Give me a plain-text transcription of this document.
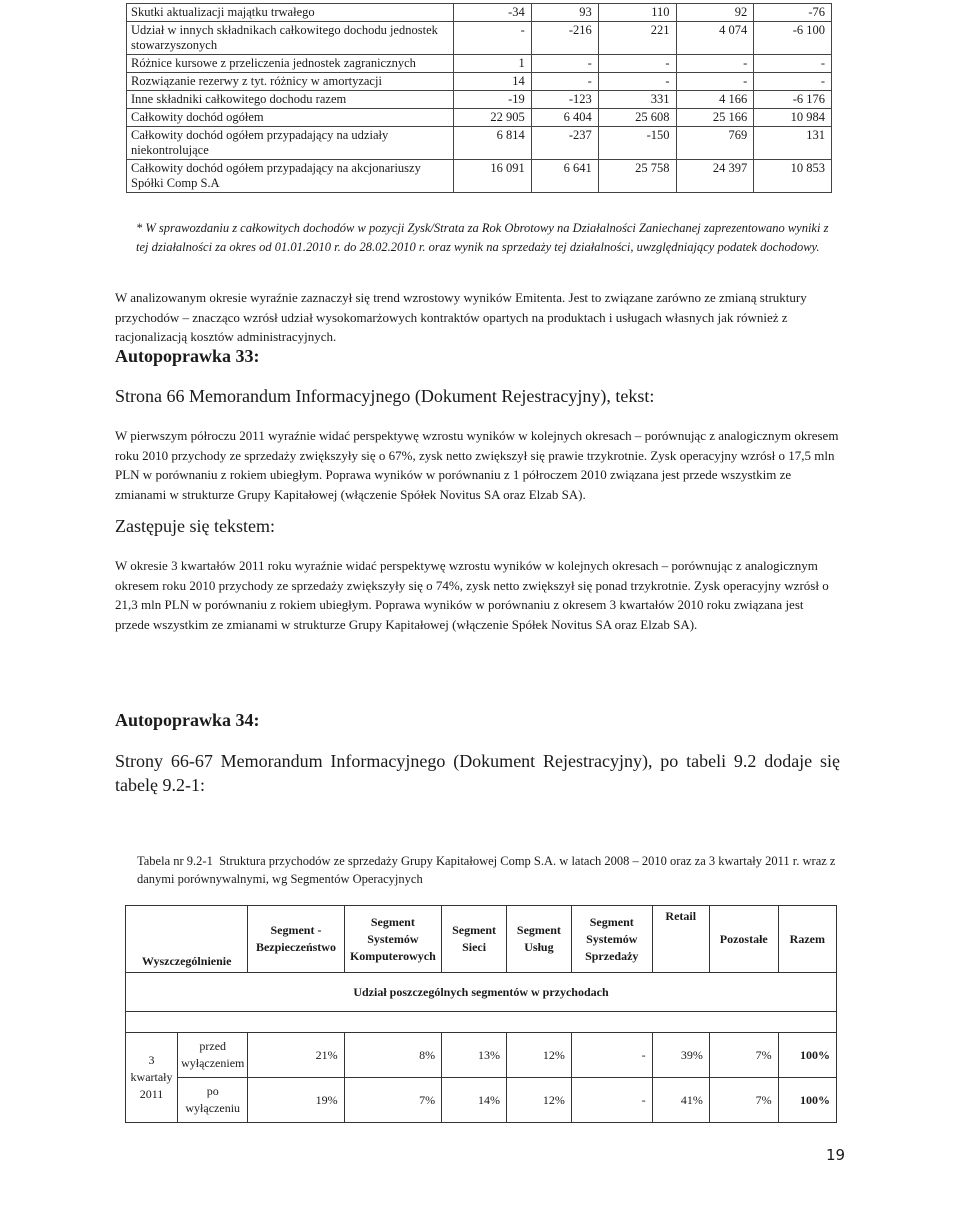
Skutki aktualizacji majątku trwałego	-34	93	110	92	-76
Udział w innych składnikach całkowitego dochodu jednostek stowarzyszonych	-	-216	221	4 074	-6 100
Różnice kursowe z przeliczenia jednostek zagranicznych	1	-	-	-	-
Rozwiązanie rezerwy z tyt. różnicy w amortyzacji	14	-	-	-	-
Inne składniki całkowitego dochodu razem	-19	-123	331	4 166	-6 176
Całkowity dochód ogółem	22 905	6 404	25 608	25 166	10 984
Całkowity dochód ogółem przypadający na udziały niekontrolujące	6 814	-237	-150	769	131
Całkowity dochód ogółem przypadający na akcjonariuszy Spółki Comp S.A	16 091	6 641	25 758	24 397	10 853
* W sprawozdaniu z całkowitych dochodów w pozycji Zysk/Strata za Rok Obrotowy na Działalności Zaniechanej zaprezentowano wyniki z tej działalności za okres od 01.01.2010 r. do 28.02.2010 r. oraz wynik na sprzedaży tej działalności, uwzględniający podatek dochodowy.
W analizowanym okresie wyraźnie zaznaczył się trend wzrostowy wyników Emitenta. Jest to związane zarówno ze zmianą struktury przychodów – znacząco wzrósł udział wysokomarżowych kontraktów opartych na produktach i usługach własnych jak również z racjonalizacją kosztów administracyjnych.
Autopoprawka 33:
Strona 66 Memorandum Informacyjnego (Dokument Rejestracyjny), tekst:
W pierwszym półroczu 2011 wyraźnie widać perspektywę wzrostu wyników w kolejnych okresach – porównując z analogicznym okresem roku 2010 przychody ze sprzedaży zwiększyły się o 67%, zysk netto zwiększył się prawie trzykrotnie. Zysk operacyjny wzrósł o 17,5 mln PLN w porównaniu z rokiem ubiegłym. Poprawa wyników w porównaniu z 1 półroczem 2010 związana jest przede wszystkim ze zmianami w strukturze Grupy Kapitałowej (włączenie Spółek Novitus SA oraz Elzab SA).
Zastępuje się tekstem:
W okresie 3 kwartałów 2011 roku wyraźnie widać perspektywę wzrostu wyników w kolejnych okresach – porównując z analogicznym okresem roku 2010 przychody ze sprzedaży zwiększyły się o 74%, zysk netto zwiększył się ponad trzykrotnie. Zysk operacyjny wzrósł o 21,3 mln PLN w porównaniu z rokiem ubiegłym. Poprawa wyników w porównaniu z okresem 3 kwartałów 2010 roku związana jest przede wszystkim ze zmianami w strukturze Grupy Kapitałowej (włączenie Spółek Novitus SA oraz Elzab SA).
Autopoprawka 34:
Strony 66-67 Memorandum Informacyjnego (Dokument Rejestracyjny), po tabeli 9.2 dodaje się tabelę 9.2-1:
Tabela nr 9.2-1 Struktura przychodów ze sprzedaży Grupy Kapitałowej Comp S.A. w latach 2008 – 2010 oraz za 3 kwartały 2011 r. wraz z danymi porównywalnymi, wg Segmentów Operacyjnych
Wyszczególnienie		Segment - Bezpieczeństwo	Segment Systemów Komputerowych	Segment Sieci	Segment Usług	Segment Systemów Sprzedaży	Retail	Pozostałe	Razem
Udział poszczególnych segmentów w przychodach									

3 kwartały 2011	przed wyłączeniem	21%	8%	13%	12%	-	39%	7%	100%
	po wyłączeniu	19%	7%	14%	12%	-	41%	7%	100%
19
